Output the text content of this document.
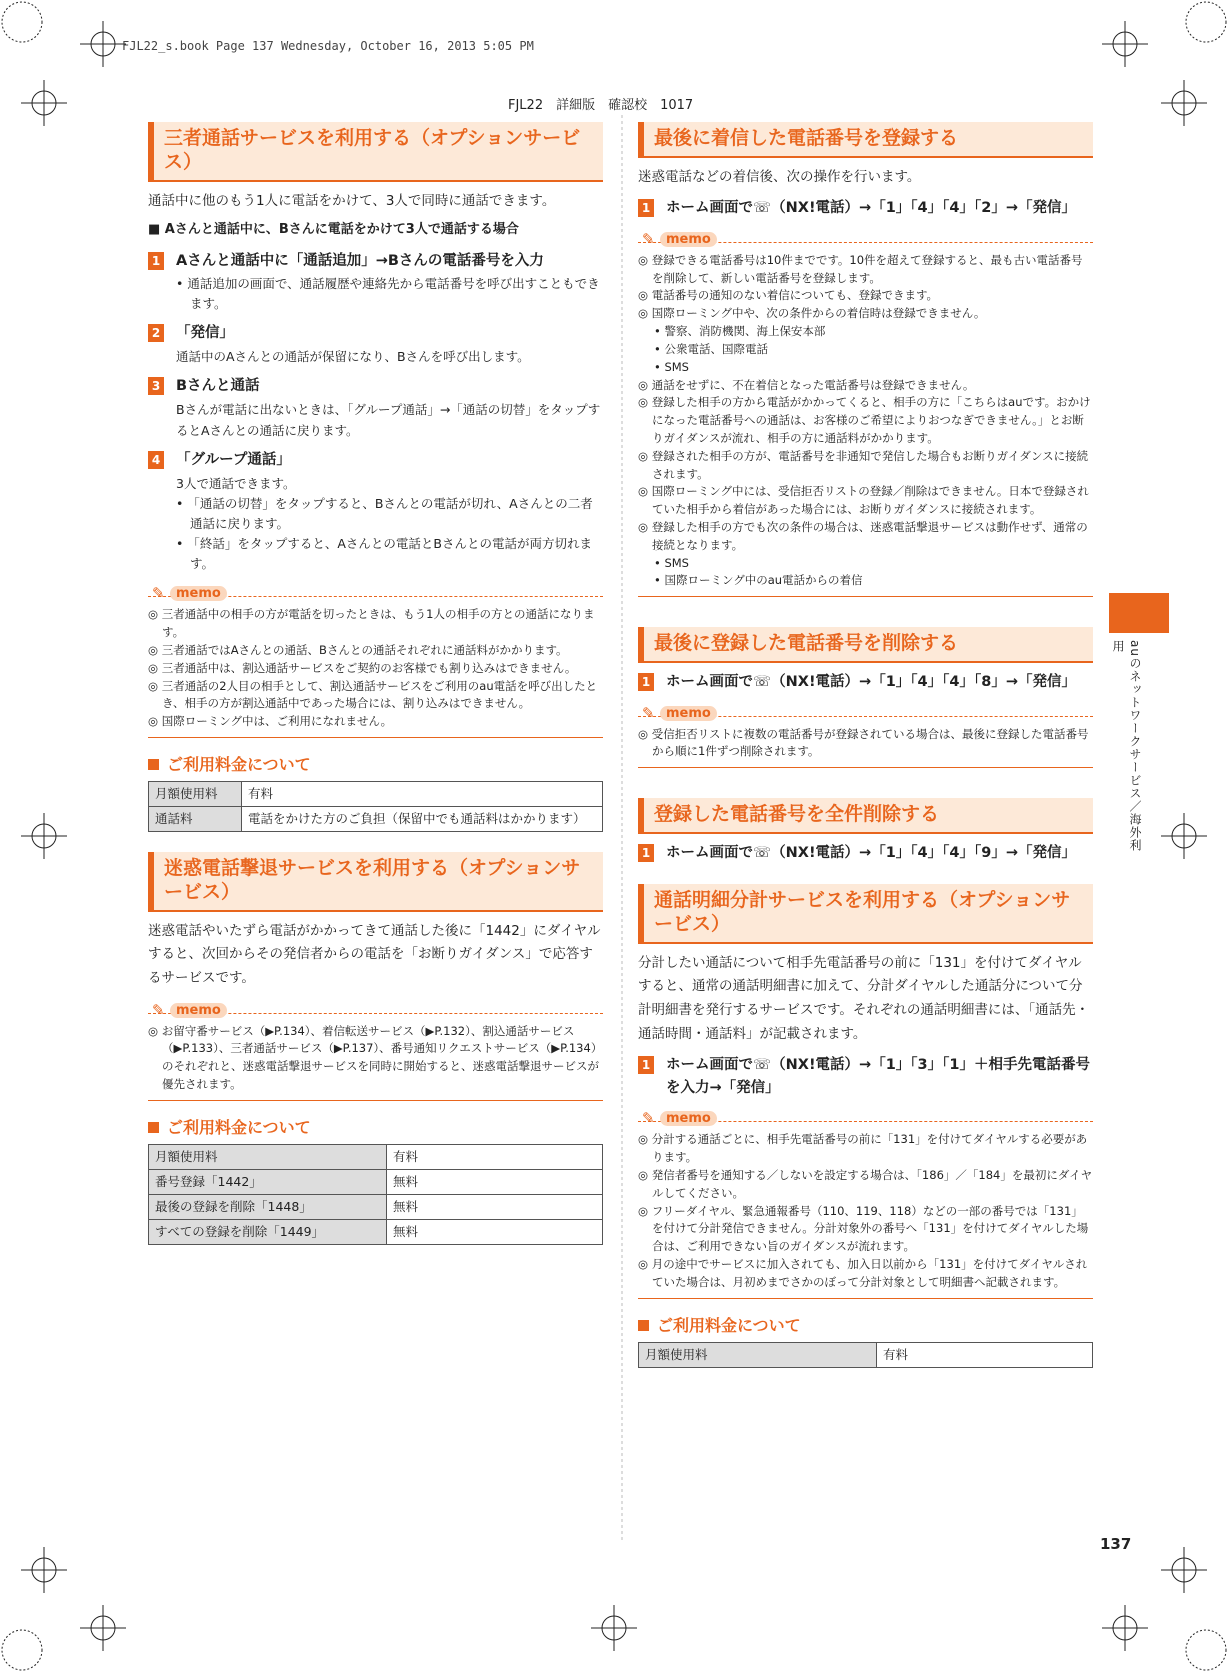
FJL22_s.book Page 137 Wednesday, October 16, 2013 5:05 PM
FJL22　詳細版　確認校　1017
auのネットワークサービス／海外利用
137
三者通話サービスを利用する（オプションサービス）
通話中に他のもう1人に電話をかけて、3人で同時に通話できます。
■ Aさんと通話中に、Bさんに電話をかけて3人で通話する場合
1 Aさんと通話中に「通話追加」→Bさんの電話番号を入力
• 通話追加の画面で、通話履歴や連絡先から電話番号を呼び出すこともできます。
2 「発信」
通話中のAさんとの通話が保留になり、Bさんを呼び出します。
3 Bさんと通話
Bさんが電話に出ないときは、「グループ通話」→「通話の切替」をタップするとAさんとの通話に戻ります。
4 「グループ通話」
3人で通話できます。
• 「通話の切替」をタップすると、Bさんとの電話が切れ、Aさんとの二者通話に戻ります。
• 「終話」をタップすると、Aさんとの電話とBさんとの電話が両方切れます。
✎ memo
◎ 三者通話中の相手の方が電話を切ったときは、もう1人の相手の方との通話になります。
◎ 三者通話ではAさんとの通話、Bさんとの通話それぞれに通話料がかかります。
◎ 三者通話中は、割込通話サービスをご契約のお客様でも割り込みはできません。
◎ 三者通話の2人目の相手として、割込通話サービスをご利用のau電話を呼び出したとき、相手の方が割込通話中であった場合には、割り込みはできません。
◎ 国際ローミング中は、ご利用になれません。
ご利用料金について
月額使用料	有料
通話料	電話をかけた方のご負担（保留中でも通話料はかかります）
迷惑電話撃退サービスを利用する（オプションサービス）
迷惑電話やいたずら電話がかかってきて通話した後に「1442」にダイヤルすると、次回からその発信者からの電話を「お断りガイダンス」で応答するサービスです。
✎ memo
◎ お留守番サービス（▶P.134）、着信転送サービス（▶P.132）、割込通話サービス（▶P.133）、三者通話サービス（▶P.137）、番号通知リクエストサービス（▶P.134）のそれぞれと、迷惑電話撃退サービスを同時に開始すると、迷惑電話撃退サービスが優先されます。
ご利用料金について
月額使用料	有料
番号登録「1442」	無料
最後の登録を削除「1448」	無料
すべての登録を削除「1449」	無料
最後に着信した電話番号を登録する
迷惑電話などの着信後、次の操作を行います。
1 ホーム画面で☏（NX!電話）→「1」「4」「4」「2」→「発信」
✎ memo
◎ 登録できる電話番号は10件までです。10件を超えて登録すると、最も古い電話番号を削除して、新しい電話番号を登録します。
◎ 電話番号の通知のない着信についても、登録できます。
◎ 国際ローミング中や、次の条件からの着信時は登録できません。
• 警察、消防機関、海上保安本部
• 公衆電話、国際電話
• SMS
◎ 通話をせずに、不在着信となった電話番号は登録できません。
◎ 登録した相手の方から電話がかかってくると、相手の方に「こちらはauです。おかけになった電話番号への通話は、お客様のご希望によりおつなぎできません。」とお断りガイダンスが流れ、相手の方に通話料がかかります。
◎ 登録された相手の方が、電話番号を非通知で発信した場合もお断りガイダンスに接続されます。
◎ 国際ローミング中には、受信拒否リストの登録／削除はできません。日本で登録されていた相手から着信があった場合には、お断りガイダンスに接続されます。
◎ 登録した相手の方でも次の条件の場合は、迷惑電話撃退サービスは動作せず、通常の接続となります。
• SMS
• 国際ローミング中のau電話からの着信
最後に登録した電話番号を削除する
1 ホーム画面で☏（NX!電話）→「1」「4」「4」「8」→「発信」
✎ memo
◎ 受信拒否リストに複数の電話番号が登録されている場合は、最後に登録した電話番号から順に1件ずつ削除されます。
登録した電話番号を全件削除する
1 ホーム画面で☏（NX!電話）→「1」「4」「4」「9」→「発信」
通話明細分計サービスを利用する（オプションサービス）
分計したい通話について相手先電話番号の前に「131」を付けてダイヤルすると、通常の通話明細書に加えて、分計ダイヤルした通話分について分計明細書を発行するサービスです。それぞれの通話明細書には、「通話先・通話時間・通話料」が記載されます。
1 ホーム画面で☏（NX!電話）→「1」「3」「1」＋相手先電話番号を入力→「発信」
✎ memo
◎ 分計する通話ごとに、相手先電話番号の前に「131」を付けてダイヤルする必要があります。
◎ 発信者番号を通知する／しないを設定する場合は、「186」／「184」を最初にダイヤルしてください。
◎ フリーダイヤル、緊急通報番号（110、119、118）などの一部の番号では「131」を付けて分計発信できません。分計対象外の番号へ「131」を付けてダイヤルした場合は、ご利用できない旨のガイダンスが流れます。
◎ 月の途中でサービスに加入されても、加入日以前から「131」を付けてダイヤルされていた場合は、月初めまでさかのぼって分計対象として明細書へ記載されます。
ご利用料金について
月額使用料	有料
